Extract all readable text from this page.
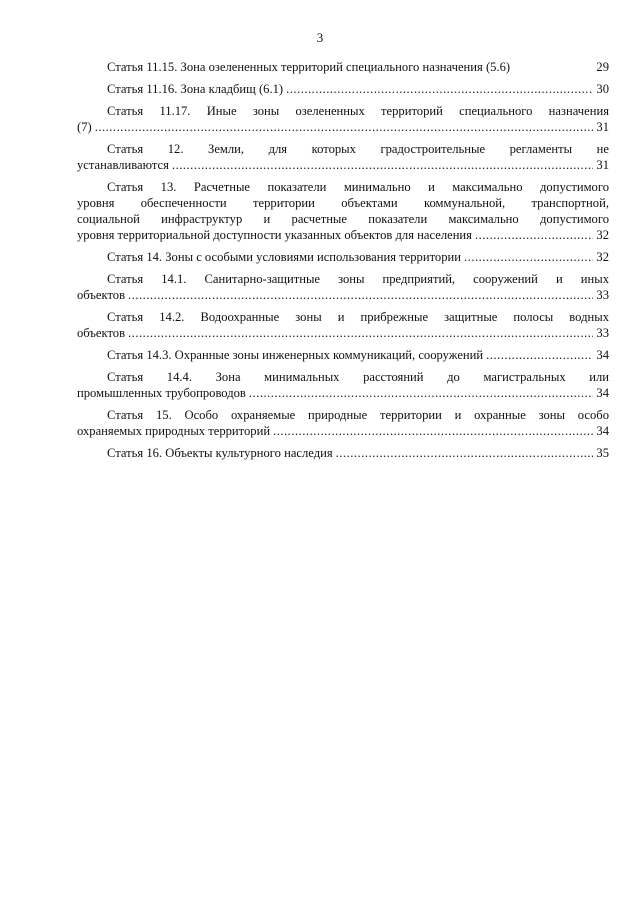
3
Статья 11.15. Зона озелененных территорий специального назначения (5.6)	29
Статья 11.16. Зона кладбищ (6.1) .....	30
Статья 11.17. Иные зоны озелененных территорий специального назначения
(7) .....	31
Статья 12. Земли, для которых градостроительные регламенты не
устанавливаются .....	31
Статья 13. Расчетные показатели минимально и максимально допустимого
уровня обеспеченности территории объектами коммунальной, транспортной,
социальной инфраструктур и расчетные показатели максимально допустимого
уровня территориальной доступности указанных объектов для населения .....	32
Статья 14. Зоны с особыми условиями использования территории .....	32
Статья 14.1. Санитарно-защитные зоны предприятий, сооружений и иных
объектов .....	33
Статья 14.2. Водоохранные зоны и прибрежные защитные полосы водных
объектов .....	33
Статья 14.3. Охранные зоны инженерных коммуникаций, сооружений .....	34
Статья 14.4. Зона минимальных расстояний до магистральных или
промышленных трубопроводов .....	34
Статья 15. Особо охраняемые природные территории и охранные зоны особо
охраняемых природных территорий .....	34
Статья 16. Объекты культурного наследия .....	35
